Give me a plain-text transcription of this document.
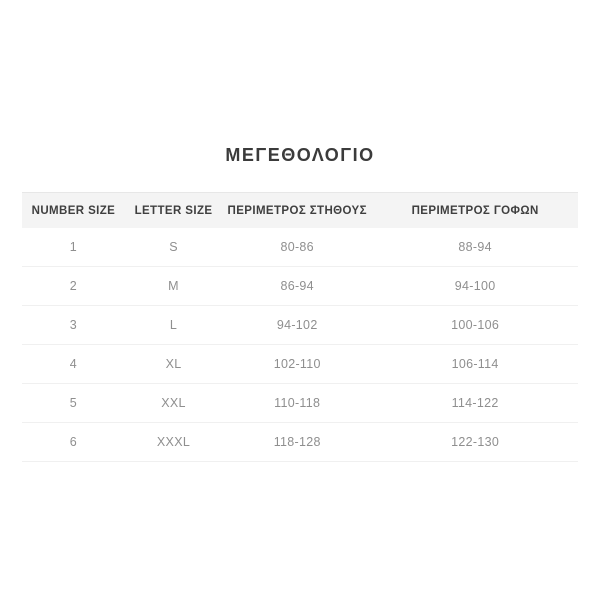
ΜΕΓΕΘΟΛΟΓΙΟ
NUMBER SIZE	LETTER SIZE	ΠΕΡΙΜΕΤΡΟΣ ΣΤΗΘΟΥΣ	ΠΕΡΙΜΕΤΡΟΣ ΓΟΦΩΝ
1	S	80-86	88-94
2	M	86-94	94-100
3	L	94-102	100-106
4	XL	102-110	106-114
5	XXL	110-118	114-122
6	XXXL	118-128	122-130
